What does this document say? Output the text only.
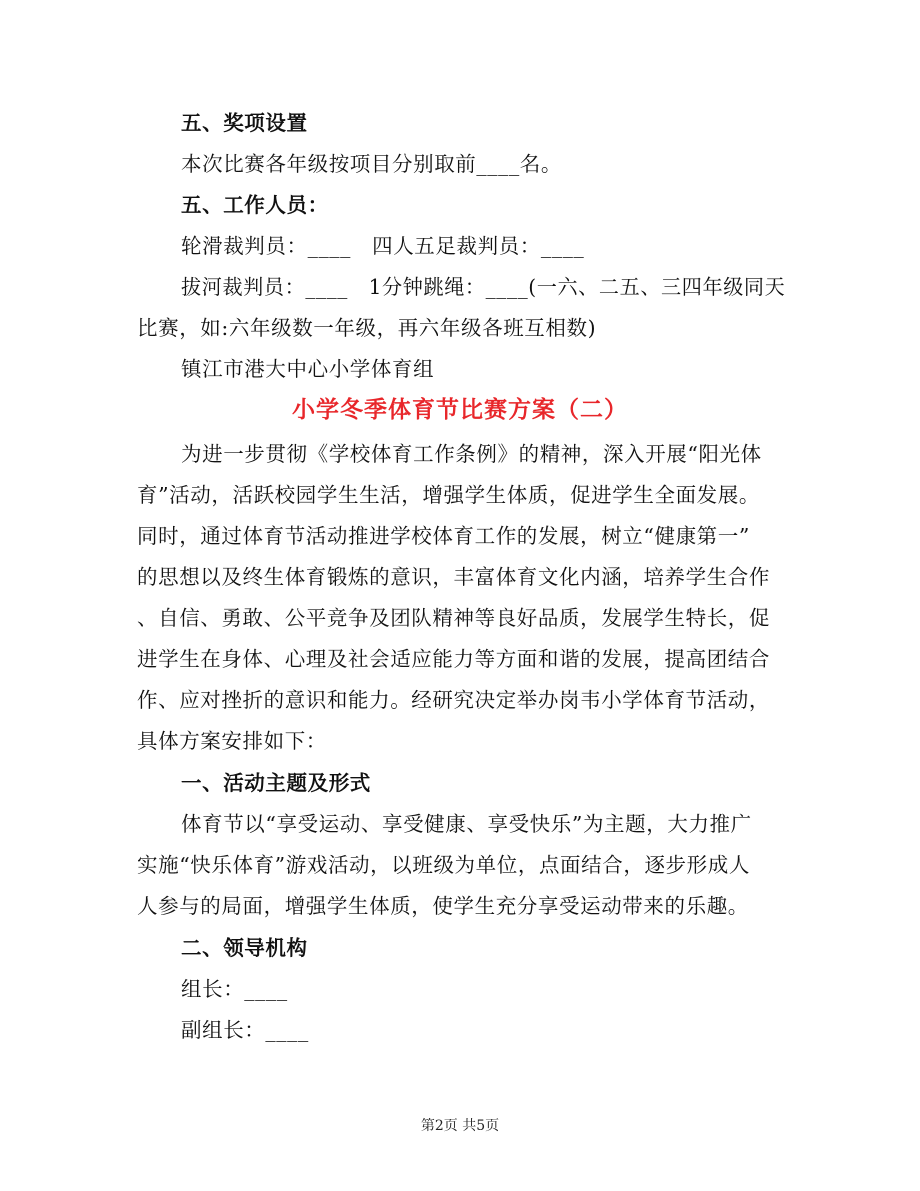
五、奖项设置
本次比赛各年级按项目分别取前____名。
五、工作人员：
轮滑裁判员：____　四人五足裁判员：____
拔河裁判员：____　1分钟跳绳：____(一六、二五、三四年级同天
比赛，如:六年级数一年级，再六年级各班互相数)
镇江市港大中心小学体育组
小学冬季体育节比赛方案（二）
为进一步贯彻《学校体育工作条例》的精神，深入开展“阳光体
育”活动，活跃校园学生生活，增强学生体质，促进学生全面发展。
同时，通过体育节活动推进学校体育工作的发展，树立“健康第一”
的思想以及终生体育锻炼的意识，丰富体育文化内涵，培养学生合作
、自信、勇敢、公平竞争及团队精神等良好品质，发展学生特长，促
进学生在身体、心理及社会适应能力等方面和谐的发展，提高团结合
作、应对挫折的意识和能力。经研究决定举办岗韦小学体育节活动，
具体方案安排如下：
一、活动主题及形式
体育节以“享受运动、享受健康、享受快乐”为主题，大力推广
实施“快乐体育”游戏活动，以班级为单位，点面结合，逐步形成人
人参与的局面，增强学生体质，使学生充分享受运动带来的乐趣。
二、领导机构
组长：____
副组长：____
第2页 共5页
